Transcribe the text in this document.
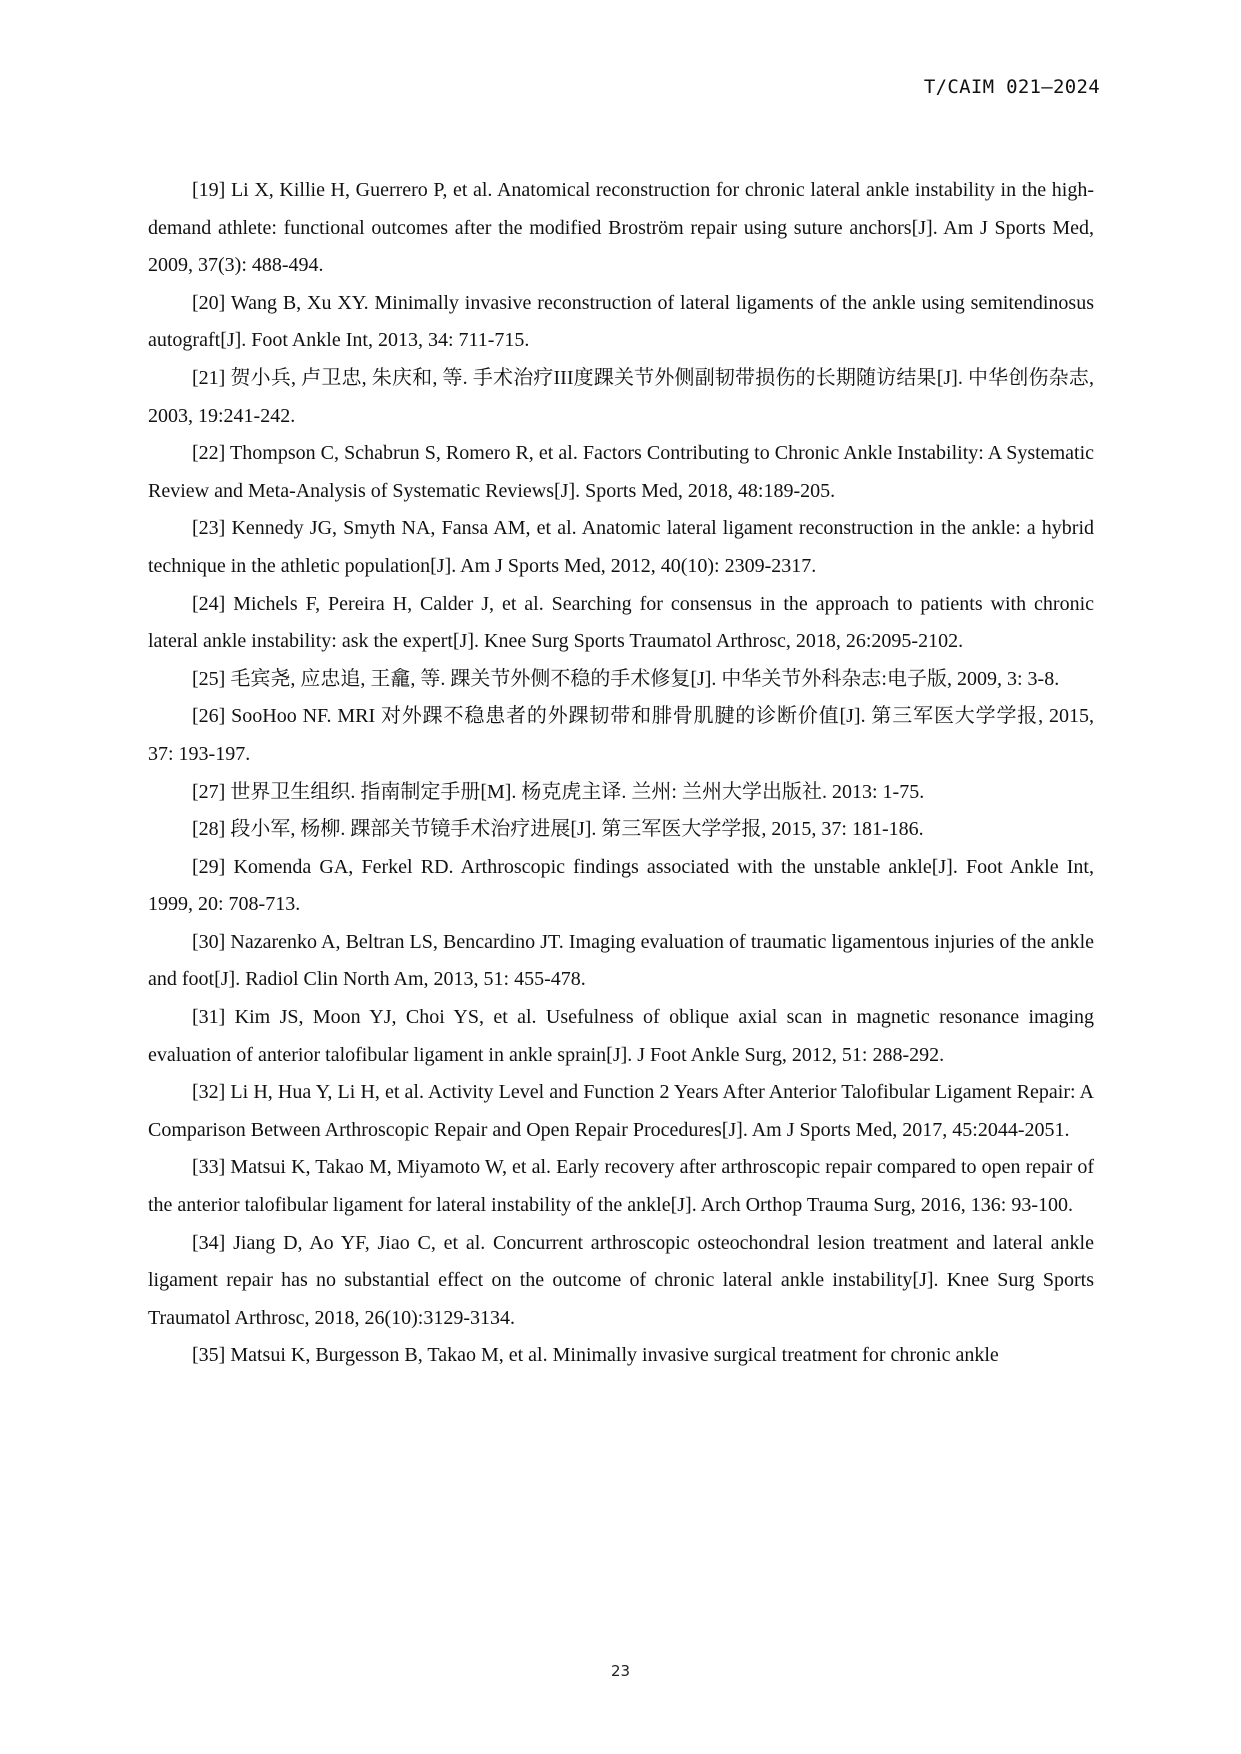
T/CAIM 021—2024

[19] Li X, Killie H, Guerrero P, et al. Anatomical reconstruction for chronic lateral ankle instability in the high-demand athlete: functional outcomes after the modified Broström repair using suture anchors[J]. Am J Sports Med, 2009, 37(3): 488-494.

[20] Wang B, Xu XY. Minimally invasive reconstruction of lateral ligaments of the ankle using semitendinosus autograft[J]. Foot Ankle Int, 2013, 34: 711-715.

[21] 贺小兵, 卢卫忠, 朱庆和, 等. 手术治疗III度踝关节外侧副韧带损伤的长期随访结果[J]. 中华创伤杂志, 2003, 19:241-242.

[22] Thompson C, Schabrun S, Romero R, et al. Factors Contributing to Chronic Ankle Instability: A Systematic Review and Meta-Analysis of Systematic Reviews[J]. Sports Med, 2018, 48:189-205.

[23] Kennedy JG, Smyth NA, Fansa AM, et al. Anatomic lateral ligament reconstruction in the ankle: a hybrid technique in the athletic population[J]. Am J Sports Med, 2012, 40(10): 2309-2317.

[24] Michels F, Pereira H, Calder J, et al. Searching for consensus in the approach to patients with chronic lateral ankle instability: ask the expert[J]. Knee Surg Sports Traumatol Arthrosc, 2018, 26:2095-2102.

[25] 毛宾尧, 应忠追, 王龕, 等. 踝关节外侧不稳的手术修复[J]. 中华关节外科杂志:电子版, 2009, 3: 3-8.

[26] SooHoo NF. MRI 对外踝不稳患者的外踝韧带和腓骨肌腱的诊断价值[J]. 第三军医大学学报, 2015, 37: 193-197.

[27] 世界卫生组织. 指南制定手册[M]. 杨克虎主译. 兰州: 兰州大学出版社. 2013: 1-75.

[28] 段小军, 杨柳. 踝部关节镜手术治疗进展[J]. 第三军医大学学报, 2015, 37: 181-186.

[29] Komenda GA, Ferkel RD. Arthroscopic findings associated with the unstable ankle[J]. Foot Ankle Int, 1999, 20: 708-713.

[30] Nazarenko A, Beltran LS, Bencardino JT. Imaging evaluation of traumatic ligamentous injuries of the ankle and foot[J]. Radiol Clin North Am, 2013, 51: 455-478.

[31] Kim JS, Moon YJ, Choi YS, et al. Usefulness of oblique axial scan in magnetic resonance imaging evaluation of anterior talofibular ligament in ankle sprain[J]. J Foot Ankle Surg, 2012, 51: 288-292.

[32] Li H, Hua Y, Li H, et al. Activity Level and Function 2 Years After Anterior Talofibular Ligament Repair: A Comparison Between Arthroscopic Repair and Open Repair Procedures[J]. Am J Sports Med, 2017, 45:2044-2051.

[33] Matsui K, Takao M, Miyamoto W, et al. Early recovery after arthroscopic repair compared to open repair of the anterior talofibular ligament for lateral instability of the ankle[J]. Arch Orthop Trauma Surg, 2016, 136: 93-100.

[34] Jiang D, Ao YF, Jiao C, et al. Concurrent arthroscopic osteochondral lesion treatment and lateral ankle ligament repair has no substantial effect on the outcome of chronic lateral ankle instability[J]. Knee Surg Sports Traumatol Arthrosc, 2018, 26(10):3129-3134.

[35] Matsui K, Burgesson B, Takao M, et al. Minimally invasive surgical treatment for chronic ankle

23
